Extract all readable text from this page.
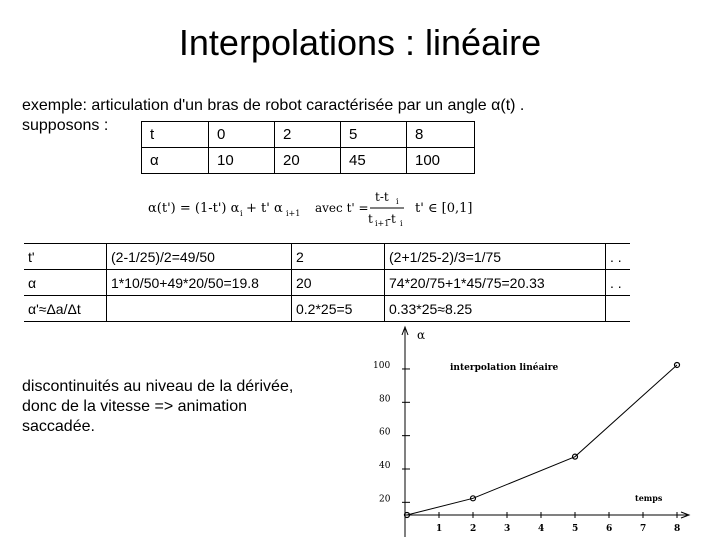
Interpolations : linéaire
exemple: articulation d'un bras de robot caractérisée par un angle α(t) .
supposons :
t	0	2	5	8
α	10	20	45	100
α(t') = (1-t') α i + t' α i+1 avec t' =
t-t i
t i+1
-t i
t' ∈ [0,1]
t'	(2-1/25)/2=49/50	2	(2+1/25-2)/3=1/75	. .
α	1*10/50+49*20/50=19.8	20	74*20/75+1*45/75=20.33	. .
α'≈Δa/Δt		0.2*25=5	0.33*25≈8.25	
discontinuités au niveau de la dérivée,
donc de la vitesse => animation
saccadée.
interpolation linéaire
α
temps
20
40
60
80
100
1	2	3	4	5	6	7	8
